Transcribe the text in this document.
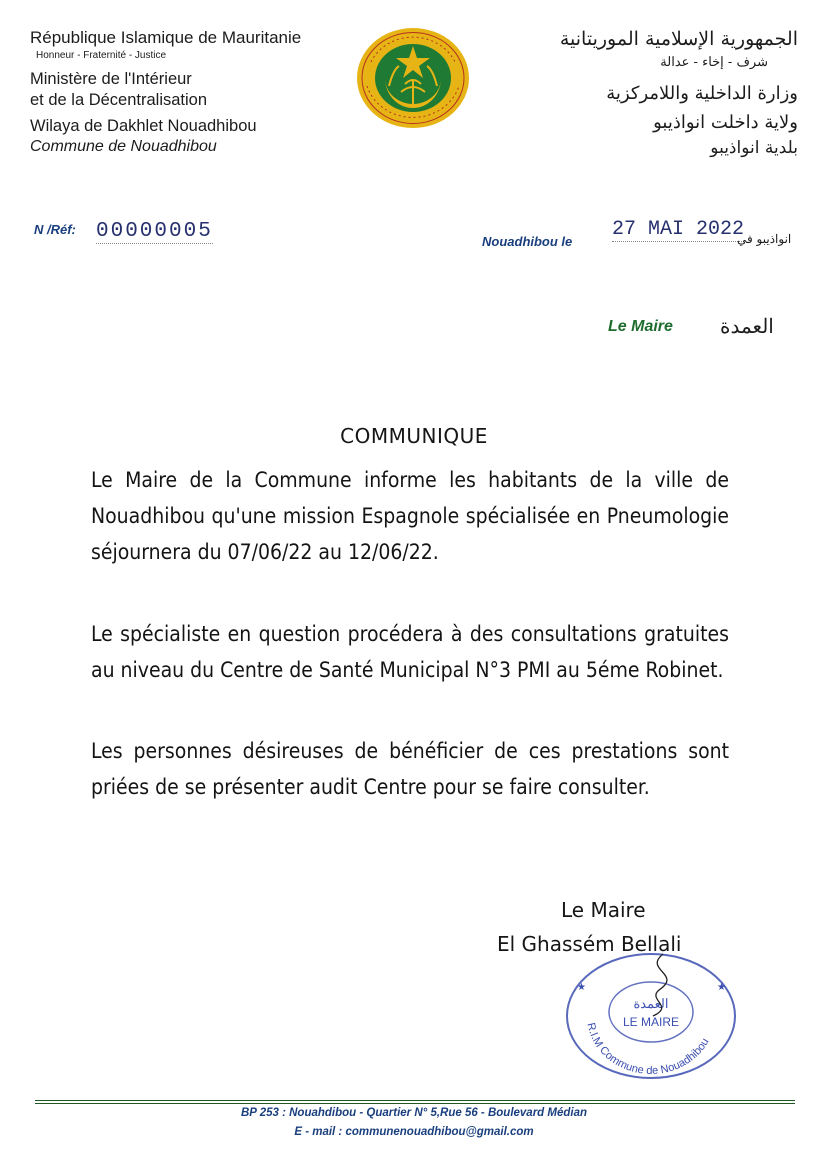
République Islamique de Mauritanie
Honneur - Fraternité - Justice
Ministère de l'Intérieur
et de la Décentralisation
Wilaya de Dakhlet Nouadhibou
Commune de Nouadhibou
الجمهورية الإسلامية الموريتانية
شرف - إخاء - عدالة
وزارة الداخلية واللامركزية
ولاية داخلت انواذيبو
بلدية انواذيبو
N /Réf: 00000005	Nouadhibou le
27 MAI 2022
انواذيبو في
Le Maire العمدة
COMMUNIQUE
Le Maire de la Commune informe les habitants de la ville de Nouadhibou qu'une mission Espagnole spécialisée en Pneumologie séjournera du 07/06/22 au 12/06/22.
Le spécialiste en question procédera à des consultations gratuites au niveau du Centre de Santé Municipal N°3 PMI au 5éme Robinet.
Les personnes désireuses de bénéficier de ces prestations sont priées de se présenter audit Centre pour se faire consulter.
Le Maire
El Ghassém Bellali
R.I.M Commune de Nouadhibou
LE MAIRE
العمدة
★	★
BP 253 : Nouahdibou - Quartier N° 5,Rue 56 - Boulevard Médian
E - mail : communenouadhibou@gmail.com
